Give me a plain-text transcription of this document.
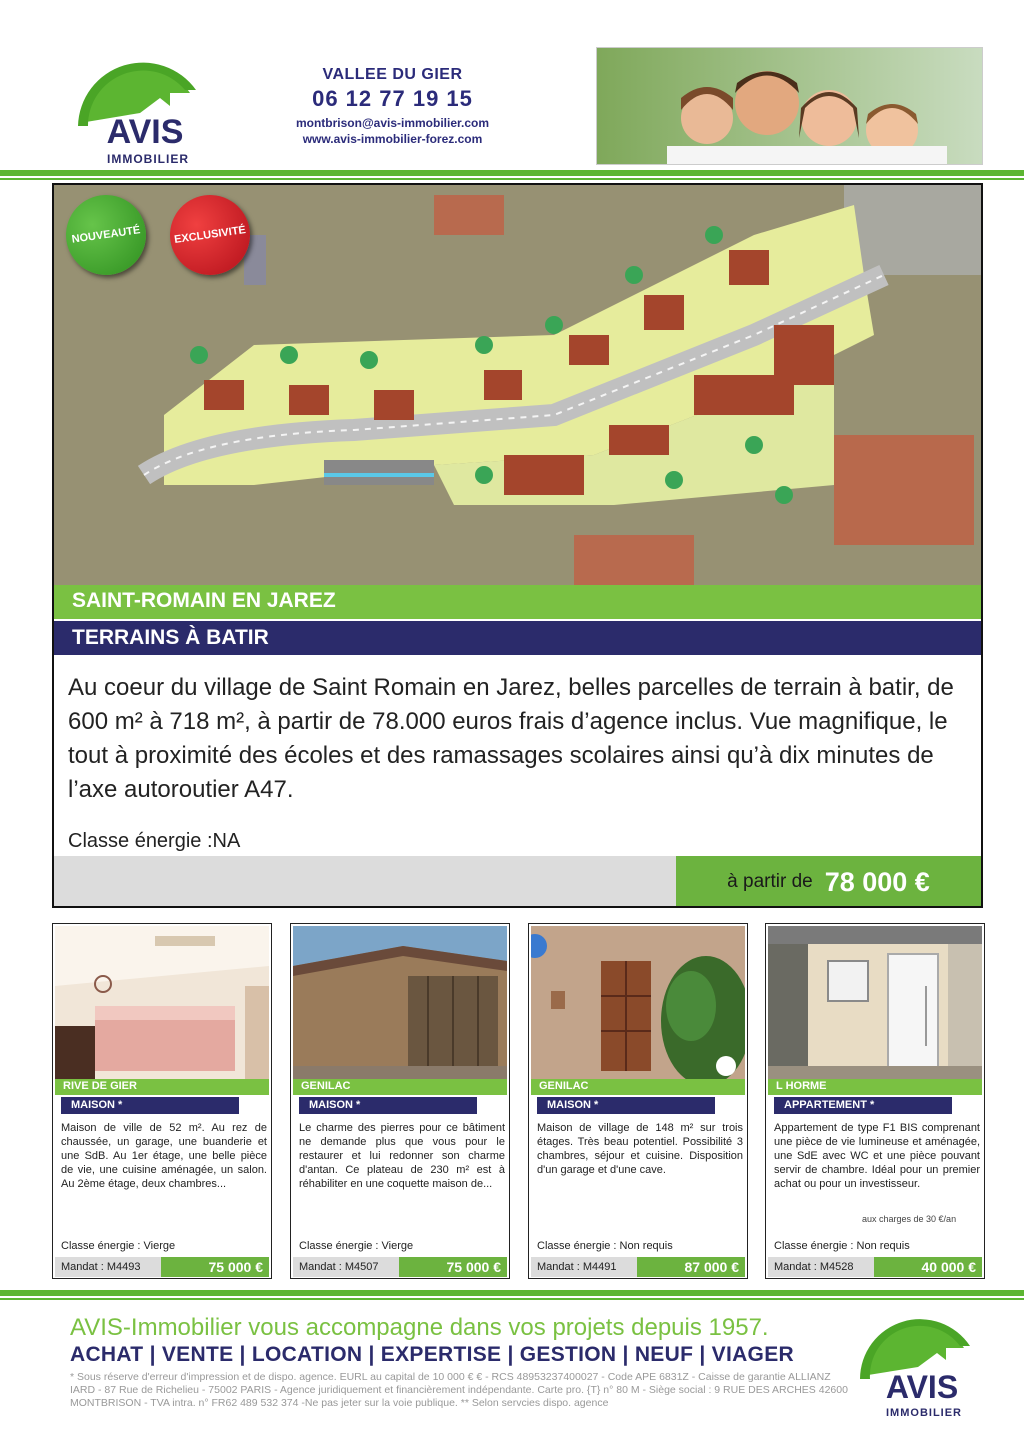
AVIS
IMMOBILIER
VALLEE DU GIER
06 12 77 19 15
montbrison@avis-immobilier.com
www.avis-immobilier-forez.com
NOUVEAUTÉ	EXCLUSIVITÉ
SAINT-ROMAIN EN JAREZ
TERRAINS À BATIR
Au coeur du village de Saint Romain en Jarez, belles parcelles de terrain à batir, de 600 m² à 718 m², à partir de 78.000 euros frais d’agence inclus. Vue magnifique, le tout à proximité des écoles et des ramassages scolaires ainsi qu’à dix minutes de l’axe autoroutier A47.
Classe énergie :NA
à partir de 78 000 €
RIVE DE GIER
MAISON *
Maison de ville de 52 m². Au rez de chaussée, un garage, une buanderie et une SdB. Au 1er étage, une belle pièce de vie, une cuisine aménagée, un salon. Au 2ème étage, deux chambres...
Classe énergie : Vierge
Mandat : M4493	75 000 €
GENILAC
MAISON *
Le charme des pierres pour ce bâtiment ne demande plus que vous pour le restaurer et lui redonner son charme d'antan. Ce plateau de 230 m² est à réhabiliter en une coquette maison de...
Classe énergie : Vierge
Mandat : M4507	75 000 €
GENILAC
MAISON *
Maison de village de 148 m² sur trois étages. Très beau potentiel. Possibilité 3 chambres, séjour et cuisine. Disposition d'un garage et d'une cave.
Classe énergie : Non requis
Mandat : M4491	87 000 €
L HORME
APPARTEMENT *
Appartement de type F1 BIS comprenant une pièce de vie lumineuse et aménagée, une SdE avec WC et une pièce pouvant servir de chambre. Idéal pour un premier achat ou pour un investisseur.
aux charges de 30 €/an
Classe énergie : Non requis
Mandat : M4528	40 000 €
AVIS-Immobilier vous accompagne dans vos projets depuis 1957.
ACHAT | VENTE | LOCATION | EXPERTISE | GESTION | NEUF | VIAGER
* Sous réserve d'erreur d'impression et de dispo. agence. EURL au capital de 10 000 € € - RCS 489532374000​27 - Code APE 6831Z - Caisse de garantie ALLIANZ IARD - 87 Rue de Richelieu - 75002 PARIS - Agence juridiquement et financièrement indépendante. Carte pro. {T} n° 80 M - Siège social : 9 RUE DES ARCHES 42600 MONTBRISON - TVA intra. n° FR62 489 532 374 -Ne pas jeter sur la voie publique. ** Selon servcies dispo. agence	AVIS
IMMOBILIER
